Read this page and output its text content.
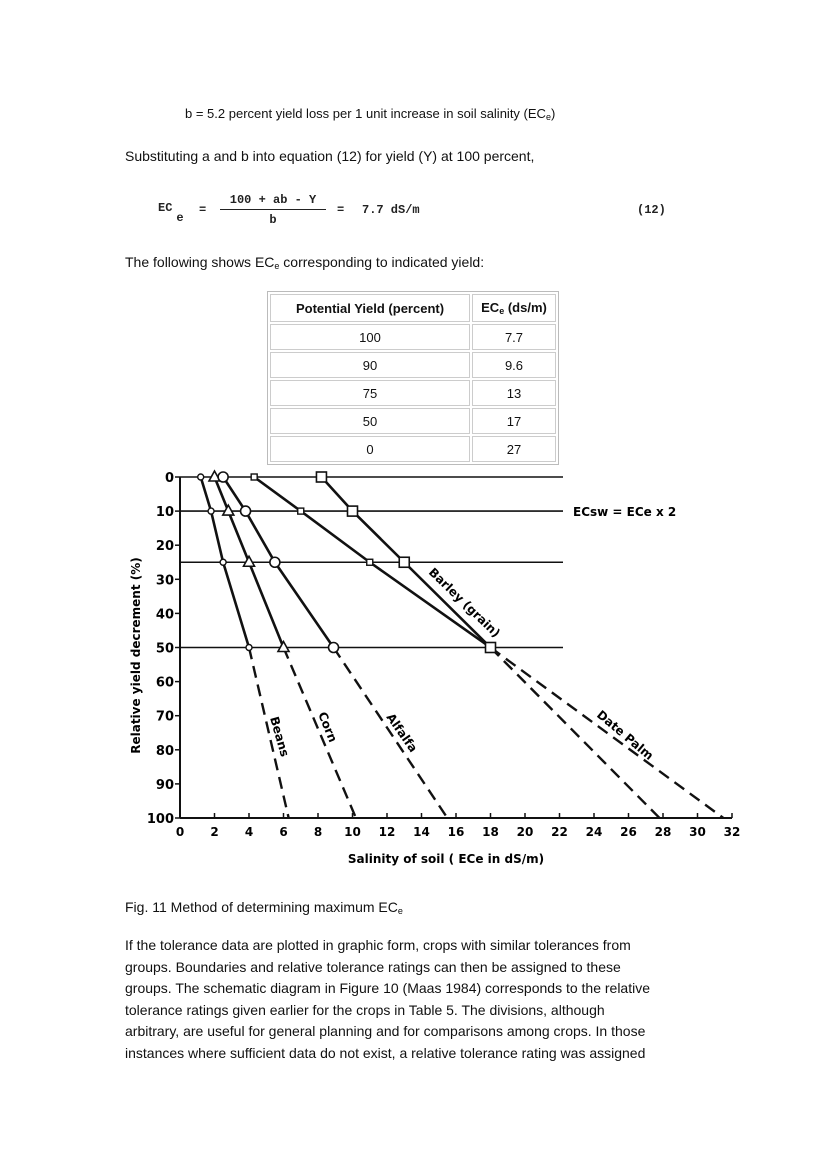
b = 5.2 percent yield loss per 1 unit increase in soil salinity $(EC_e)$
Substituting a and b into equation (12) for yield (Y) at 100 percent,
ECe
=
100 + ab - Y
b
= 7.7 dS/m	(12)
The following shows $EC_e$ corresponding to indicated yield:
Potential Yield (percent)	$EC_e$ (ds/m)
100	7.7
90	9.6
75	13
50	17
0	27
0
10
20
30
40
50
60
70
80
90
100
0 2 4 6 8 10 12 14 16 18 20 22 24 26 28 30 32
Salinity of soil ( ECe in dS/m)
Relative yield decrement (%)
ECsw = ECe x 2
Beans Corn	Alfalfa
Barley (grain)
Date Palm
Fig. 11 Method of determining maximum $EC_e$
If the tolerance data are plotted in graphic form, crops with similar tolerances from
groups. Boundaries and relative tolerance ratings can then be assigned to these
groups. The schematic diagram in Figure 10 (Maas 1984) corresponds to the relative
tolerance ratings given earlier for the crops in Table 5. The divisions, although
arbitrary, are useful for general planning and for comparisons among crops. In those
instances where sufficient data do not exist, a relative tolerance rating was assigned
